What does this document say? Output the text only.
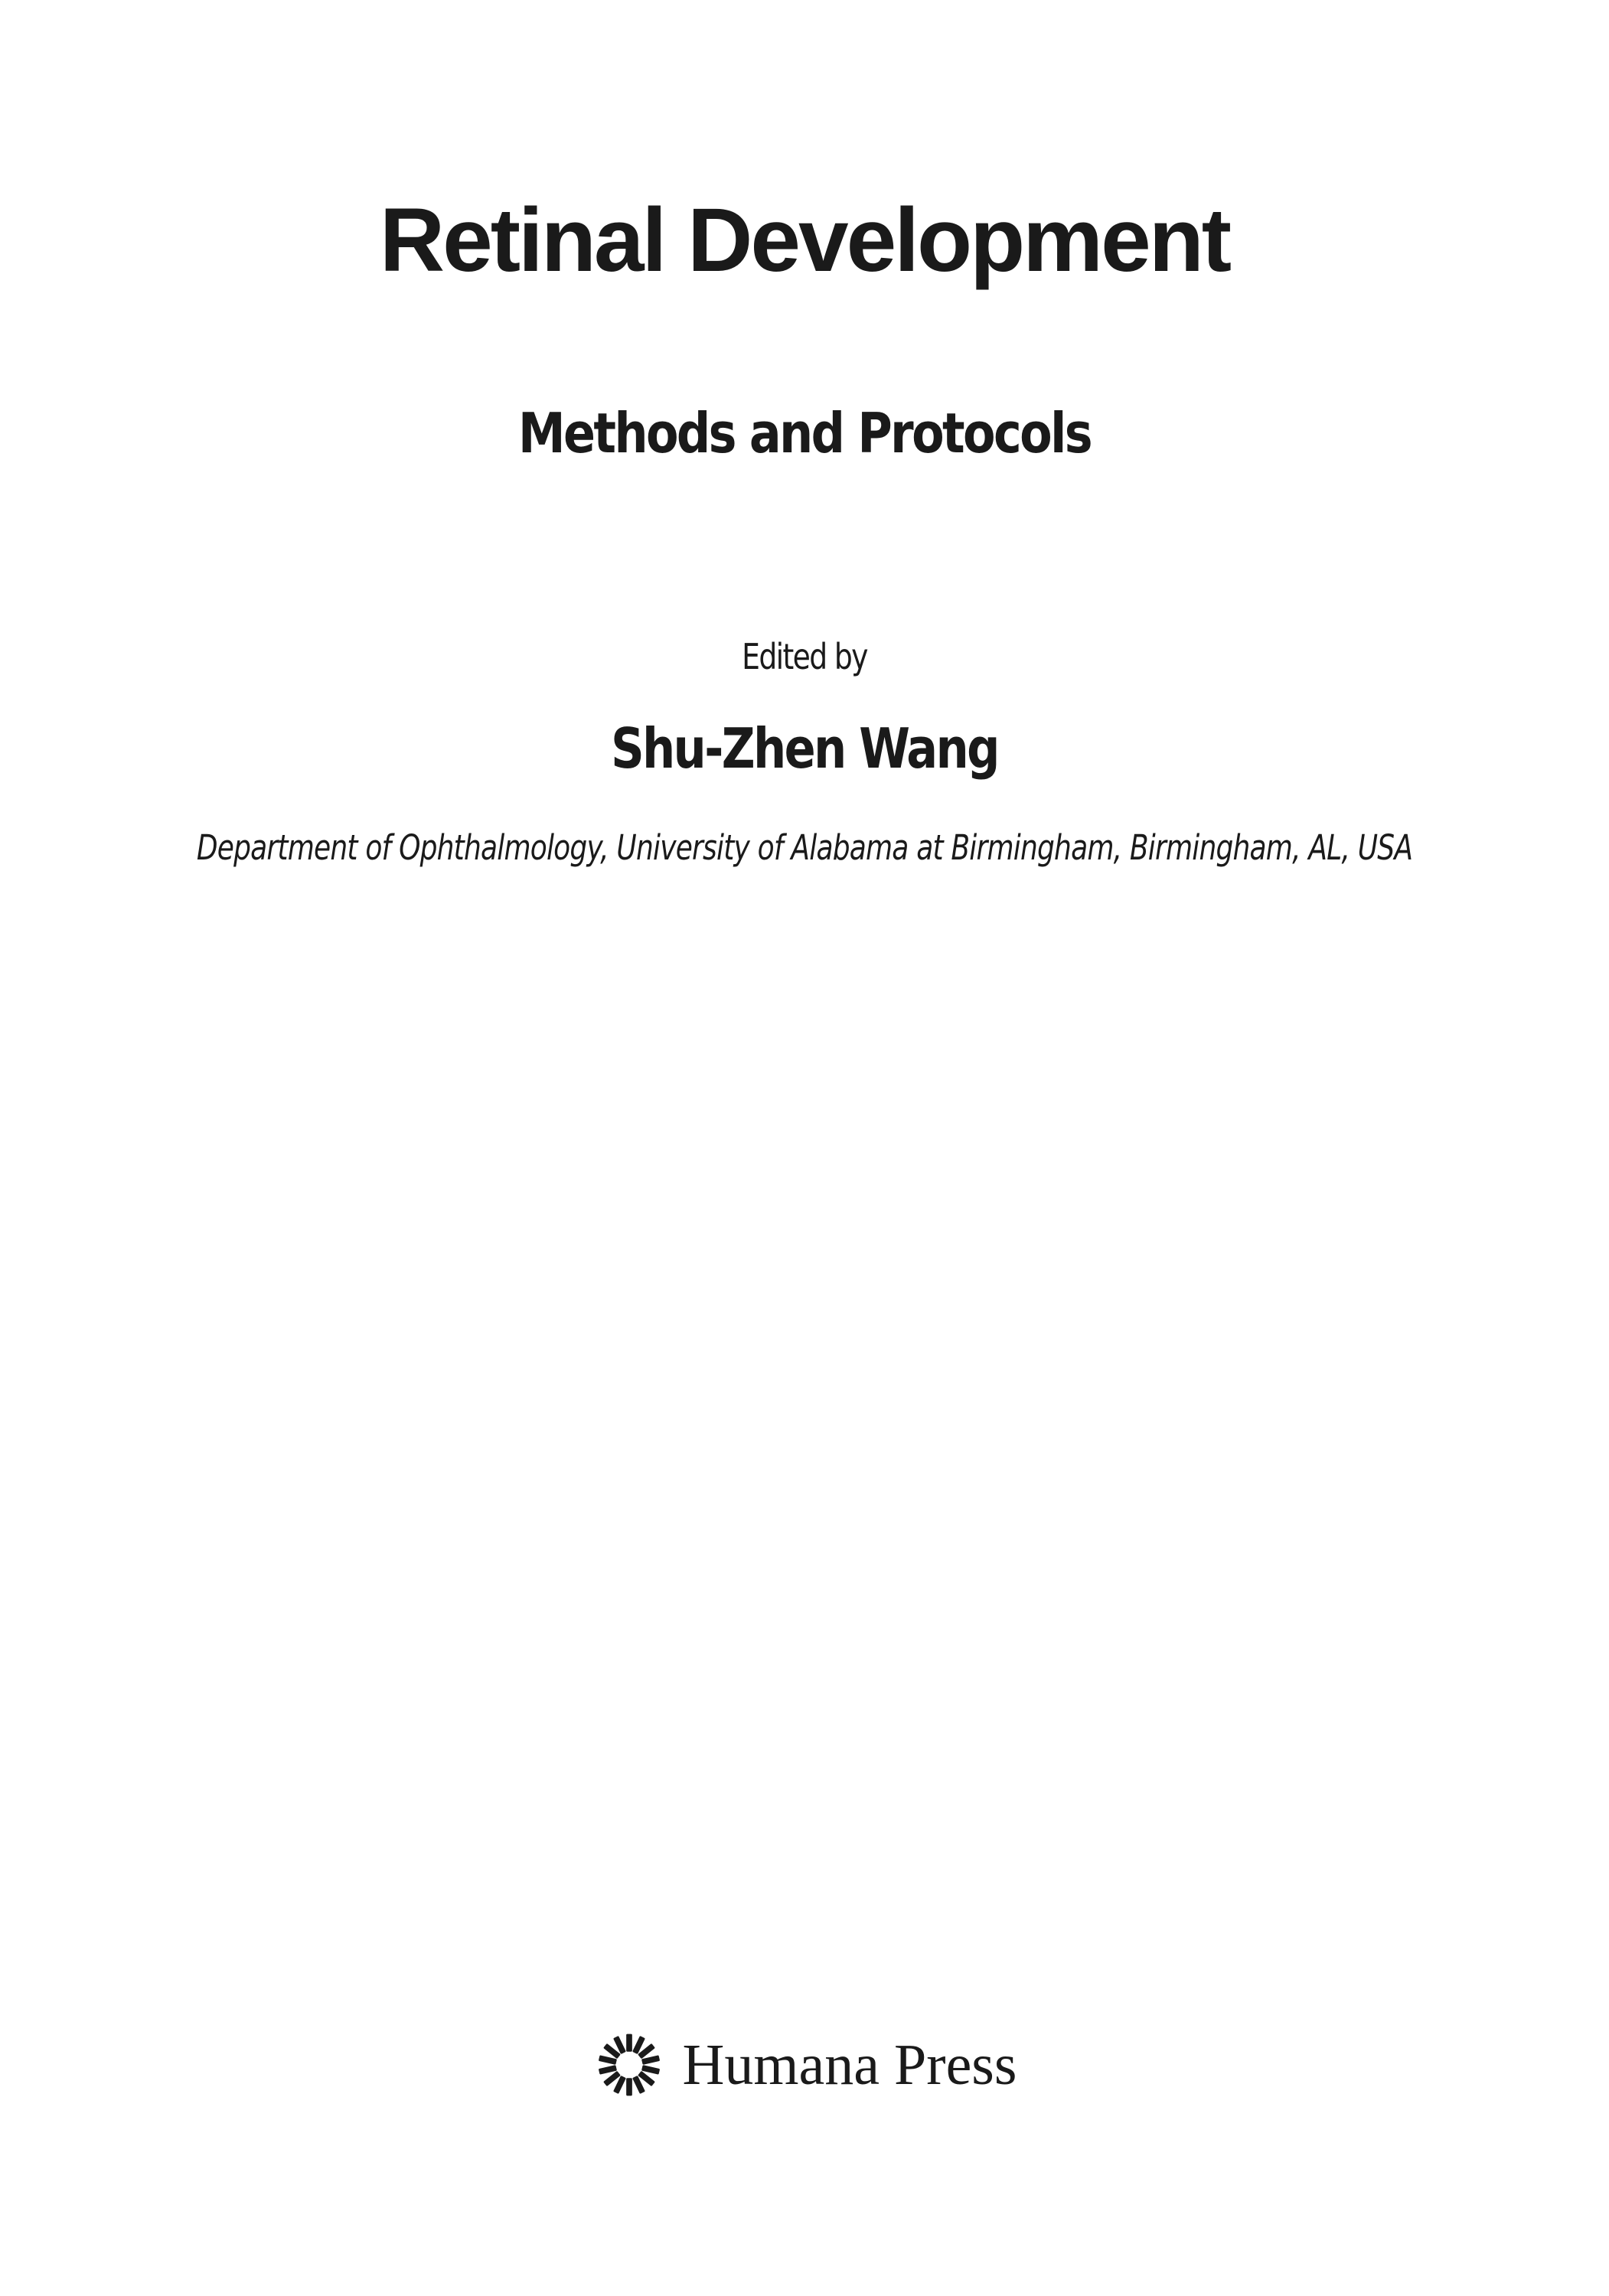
Retinal Development
Methods and Protocols
Edited by
Shu-Zhen Wang
Department of Ophthalmology, University of Alabama at Birmingham, Birmingham, AL, USA
Humana Press
